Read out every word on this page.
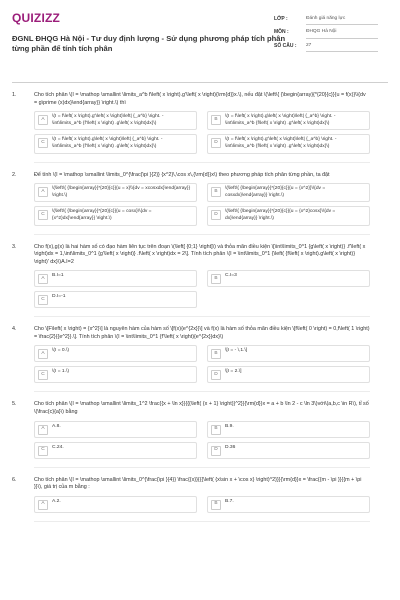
QUIZIZZ
ĐGNL ĐHQG Hà Nội - Tư duy định lượng - Sử dụng phương pháp tích phân từng phần để tính tích phân
LỚP :	Đánh giá năng lực
MÔN :	ĐHQG Hà Nội
SỐ CÂU :	27
1.	Cho tích phân \(I = \mathop \smallint \limits_a^b f\left( x \right).g'\left( x \right){\rm{d}}x.\), nếu đặt \(\left\{ {\begin{array}{*{20}{c}}{u = f(x)}\\{dv = g\prime (x)dx}\end{array}} \right.\) thì
A
\(I = f\left( x \right).g'\left( x \right)\left| {_a^b} \right. - \int\limits_a^b {f'\left( x \right) .g\left( x \right)dx}\)
B
\(I = f\left( x \right).g\left( x \right)\left| {_a^b} \right. - \int\limits_a^b {f\left( x \right) .g'\left( x \right)dx}\)
C
\(I = f\left( x \right).g\left( x \right)\left| {_a^b} \right. - \int\limits_a^b {f'\left( x \right) .g\left( x \right)dx}\)
D
\(I = f\left( x \right).g'\left( x \right)\left| {_a^b} \right. - \int\limits_a^b {f\left( x \right) .g'\left( x \right)dx}\)
2.	Để tính \(I = \mathop \smallint \limits_0^{\frac{\pi }{2}} {x^2}\,\cos x\,{\rm{d}}x\) theo phương pháp tích phân từng phần, ta đặt
A
\(\left\{ {\begin{array}{*{20}{c}}{u = x}\\{dv = xcosxdx}\end{array}} \right.\)
B
\(\left\{ {\begin{array}{*{20}{c}}{u = {x^2}}\\{dv = cosxdx}\end{array}} \right.\)
C
\(\left\{ {\begin{array}{*{20}{c}}{u = cosx}\\{dv = {x^2}dx}\end{array}} \right.\)
D
\(\left\{ {\begin{array}{*{20}{c}}{u = {x^2}cosx}\\{dv = dx}\end{array}} \right.\)
3.	Cho f(x),g(x) là hai hàm số có đạo hàm liên tục trên đoạn \(\left[ {0;1} \right]\) và thỏa mãn điều kiện \[\int\limits_0^1 {g\left( x \right)} .f'\left( x \right)dx = 1,\int\limits_0^1 {g'\left( x \right)} .f\left( x \right)dx = 2\]. Tính tích phân \(I = \int\limits_0^1 {\left( {f\left( x \right).g\left( x \right)} \right)' dx}\)A.I=2
A
B.I=1
B
C.I=3
C
D.I=-1
4.	Cho \[F\left( x \right) = {x^2}\] là nguyên hàm của hàm số \[f(x){e^{2x}}\] và f(x) là hàm số thỏa mãn điều kiện \[f\left( 0 \right) = 0,f\left( 1 \right) = \frac{2}{{e^2}}.\]. Tính tích phân \(I = \int\limits_0^1 {f'\left( x \right){e^{2x}}dx}\)
A
\(I = 0.\)
B
\[I = - \,1.\]
C
\(I = 1.\)
D
\[I = 2.\]
5.	Cho tích phân \(I = \mathop \smallint \limits_1^2 \frac{{x + \ln x}}{{{\left( {x + 1} \right)}^2}}{\rm{d}}x = a + b \ln 2 - c \ln 3\)với\(a,b,c \in R\), tỉ số \(\frac{c}{a}\) bằng
A
A.8.
B
B.9.
C
C.24.
D
D.36
6.	Cho tích phân \(I = \mathop \smallint \limits_0^{\frac{\pi }{4}} \frac{{x}}{{{\left( {x\sin x + \cos x} \right)^2}}}{\rm{d}}x = \frac{{m - \pi }}{{m + \pi }}\), giá trị của m bằng :
A
A.2.
B
B.7.
